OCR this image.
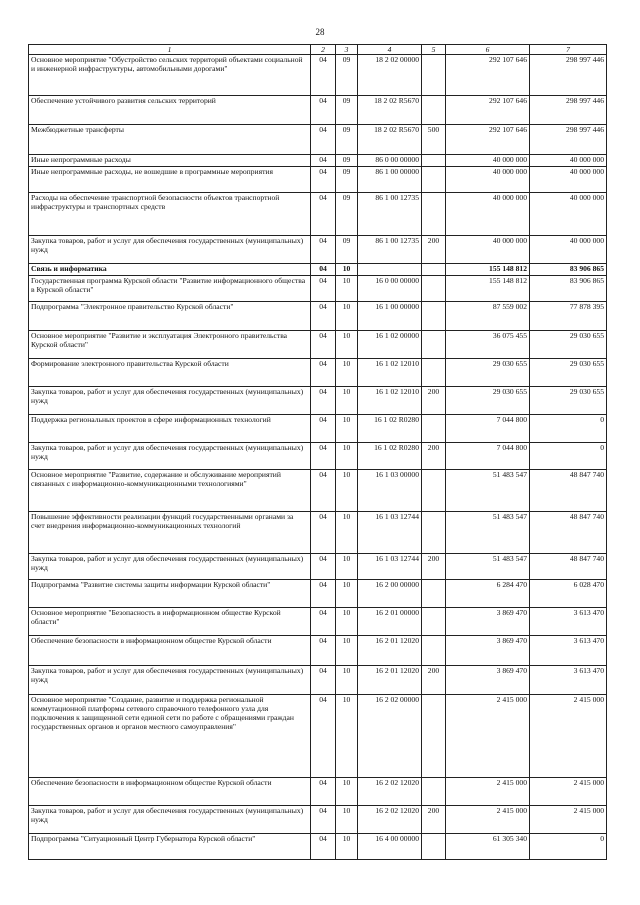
28
1	2	3	4	5	6	7
Основное мероприятие "Обустройство сельских территорий объектами социальной и инженерной инфраструктуры, автомобильными дорогами"	04	09	18 2 02 00000		292 107 646	298 997 446
Обеспечение устойчивого развития сельских территорий	04	09	18 2 02 R5670		292 107 646	298 997 446
Межбюджетные трансферты	04	09	18 2 02 R5670	500	292 107 646	298 997 446
Иные непрограммные расходы	04	09	86 0 00 00000		40 000 000	40 000 000
Иные непрограммные расходы, не вошедшие в программные мероприятия	04	09	86 1 00 00000		40 000 000	40 000 000
Расходы на обеспечение транспортной безопасности объектов транспортной инфраструктуры и транспортных средств	04	09	86 1 00 12735		40 000 000	40 000 000
Закупка товаров, работ и услуг для обеспечения государственных (муниципальных) нужд	04	09	86 1 00 12735	200	40 000 000	40 000 000
Связь и информатика	04	10			155 148 812	83 906 865
Государственная программа Курской области "Развитие информационного общества в Курской области"	04	10	16 0 00 00000		155 148 812	83 906 865
Подпрограмма "Электронное правительство Курской области"	04	10	16 1 00 00000		87 559 002	77 878 395
Основное мероприятие "Развитие и эксплуатация Электронного правительства Курской области"	04	10	16 1 02 00000		36 075 455	29 030 655
Формирование электронного правительства Курской области	04	10	16 1 02 12010		29 030 655	29 030 655
Закупка товаров, работ и услуг для обеспечения государственных (муниципальных) нужд	04	10	16 1 02 12010	200	29 030 655	29 030 655
Поддержка региональных проектов в сфере информационных технологий	04	10	16 1 02 R0280		7 044 800	0
Закупка товаров, работ и услуг для обеспечения государственных (муниципальных) нужд	04	10	16 1 02 R0280	200	7 044 800	0
Основное мероприятие "Развитие, содержание и обслуживание мероприятий связанных с информационно-коммуникационными технологиями"	04	10	16 1 03 00000		51 483 547	48 847 740
Повышение эффективности реализации функций государственными органами за счет внедрения информационно-коммуникационных технологий	04	10	16 1 03 12744		51 483 547	48 847 740
Закупка товаров, работ и услуг для обеспечения государственных (муниципальных) нужд	04	10	16 1 03 12744	200	51 483 547	48 847 740
Подпрограмма "Развитие системы защиты информации Курской области"	04	10	16 2 00 00000		6 284 470	6 028 470
Основное мероприятие "Безопасность в информационном обществе Курской области"	04	10	16 2 01 00000		3 869 470	3 613 470
Обеспечение безопасности в информационном обществе Курской области	04	10	16 2 01 12020		3 869 470	3 613 470
Закупка товаров, работ и услуг для обеспечения государственных (муниципальных) нужд	04	10	16 2 01 12020	200	3 869 470	3 613 470
Основное мероприятие "Создание, развитие и поддержка региональной коммутационной платформы сетевого справочного телефонного узла для подключения к защищенной сети единой сети по работе с обращениями граждан государственных органов и органов местного самоуправления"	04	10	16 2 02 00000		2 415 000	2 415 000
Обеспечение безопасности в информационном обществе Курской области	04	10	16 2 02 12020		2 415 000	2 415 000
Закупка товаров, работ и услуг для обеспечения государственных (муниципальных) нужд	04	10	16 2 02 12020	200	2 415 000	2 415 000
Подпрограмма "Ситуационный Центр Губернатора Курской области"	04	10	16 4 00 00000		61 305 340	0
